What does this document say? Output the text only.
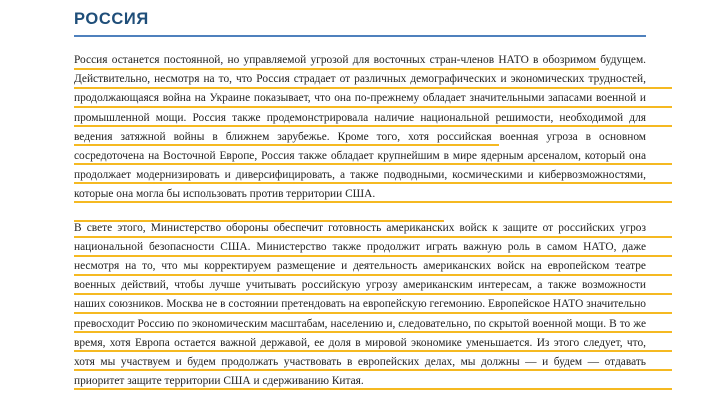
РОССИЯ

Россия останется постоянной, но управляемой угрозой для восточных стран-членов НАТО в обозримом будущем. Действительно, несмотря на то, что Россия страдает от различных демографических и экономических трудностей, продолжающаяся война на Украине показывает, что она по-прежнему обладает значительными запасами военной и промышленной мощи. Россия также продемонстрировала наличие национальной решимости, необходимой для ведения затяжной войны в ближнем зарубежье. Кроме того, хотя российская военная угроза в основном сосредоточена на Восточной Европе, Россия также обладает крупнейшим в мире ядерным арсеналом, который она продолжает модернизировать и диверсифицировать, а также подводными, космическими и кибервозможностями, которые она могла бы использовать против территории США.

В свете этого, Министерство обороны обеспечит готовность американских войск к защите от российских угроз национальной безопасности США. Министерство также продолжит играть важную роль в самом НАТО, даже несмотря на то, что мы корректируем размещение и деятельность американских войск на европейском театре военных действий, чтобы лучше учитывать российскую угрозу американским интересам, а также возможности наших союзников. Москва не в состоянии претендовать на европейскую гегемонию. Европейское НАТО значительно превосходит Россию по экономическим масштабам, населению и, следовательно, по скрытой военной мощи. В то же время, хотя Европа остается важной державой, ее доля в мировой экономике уменьшается. Из этого следует, что, хотя мы участвуем и будем продолжать участвовать в европейских делах, мы должны — и будем — отдавать приоритет защите территории США и сдерживанию Китая.
